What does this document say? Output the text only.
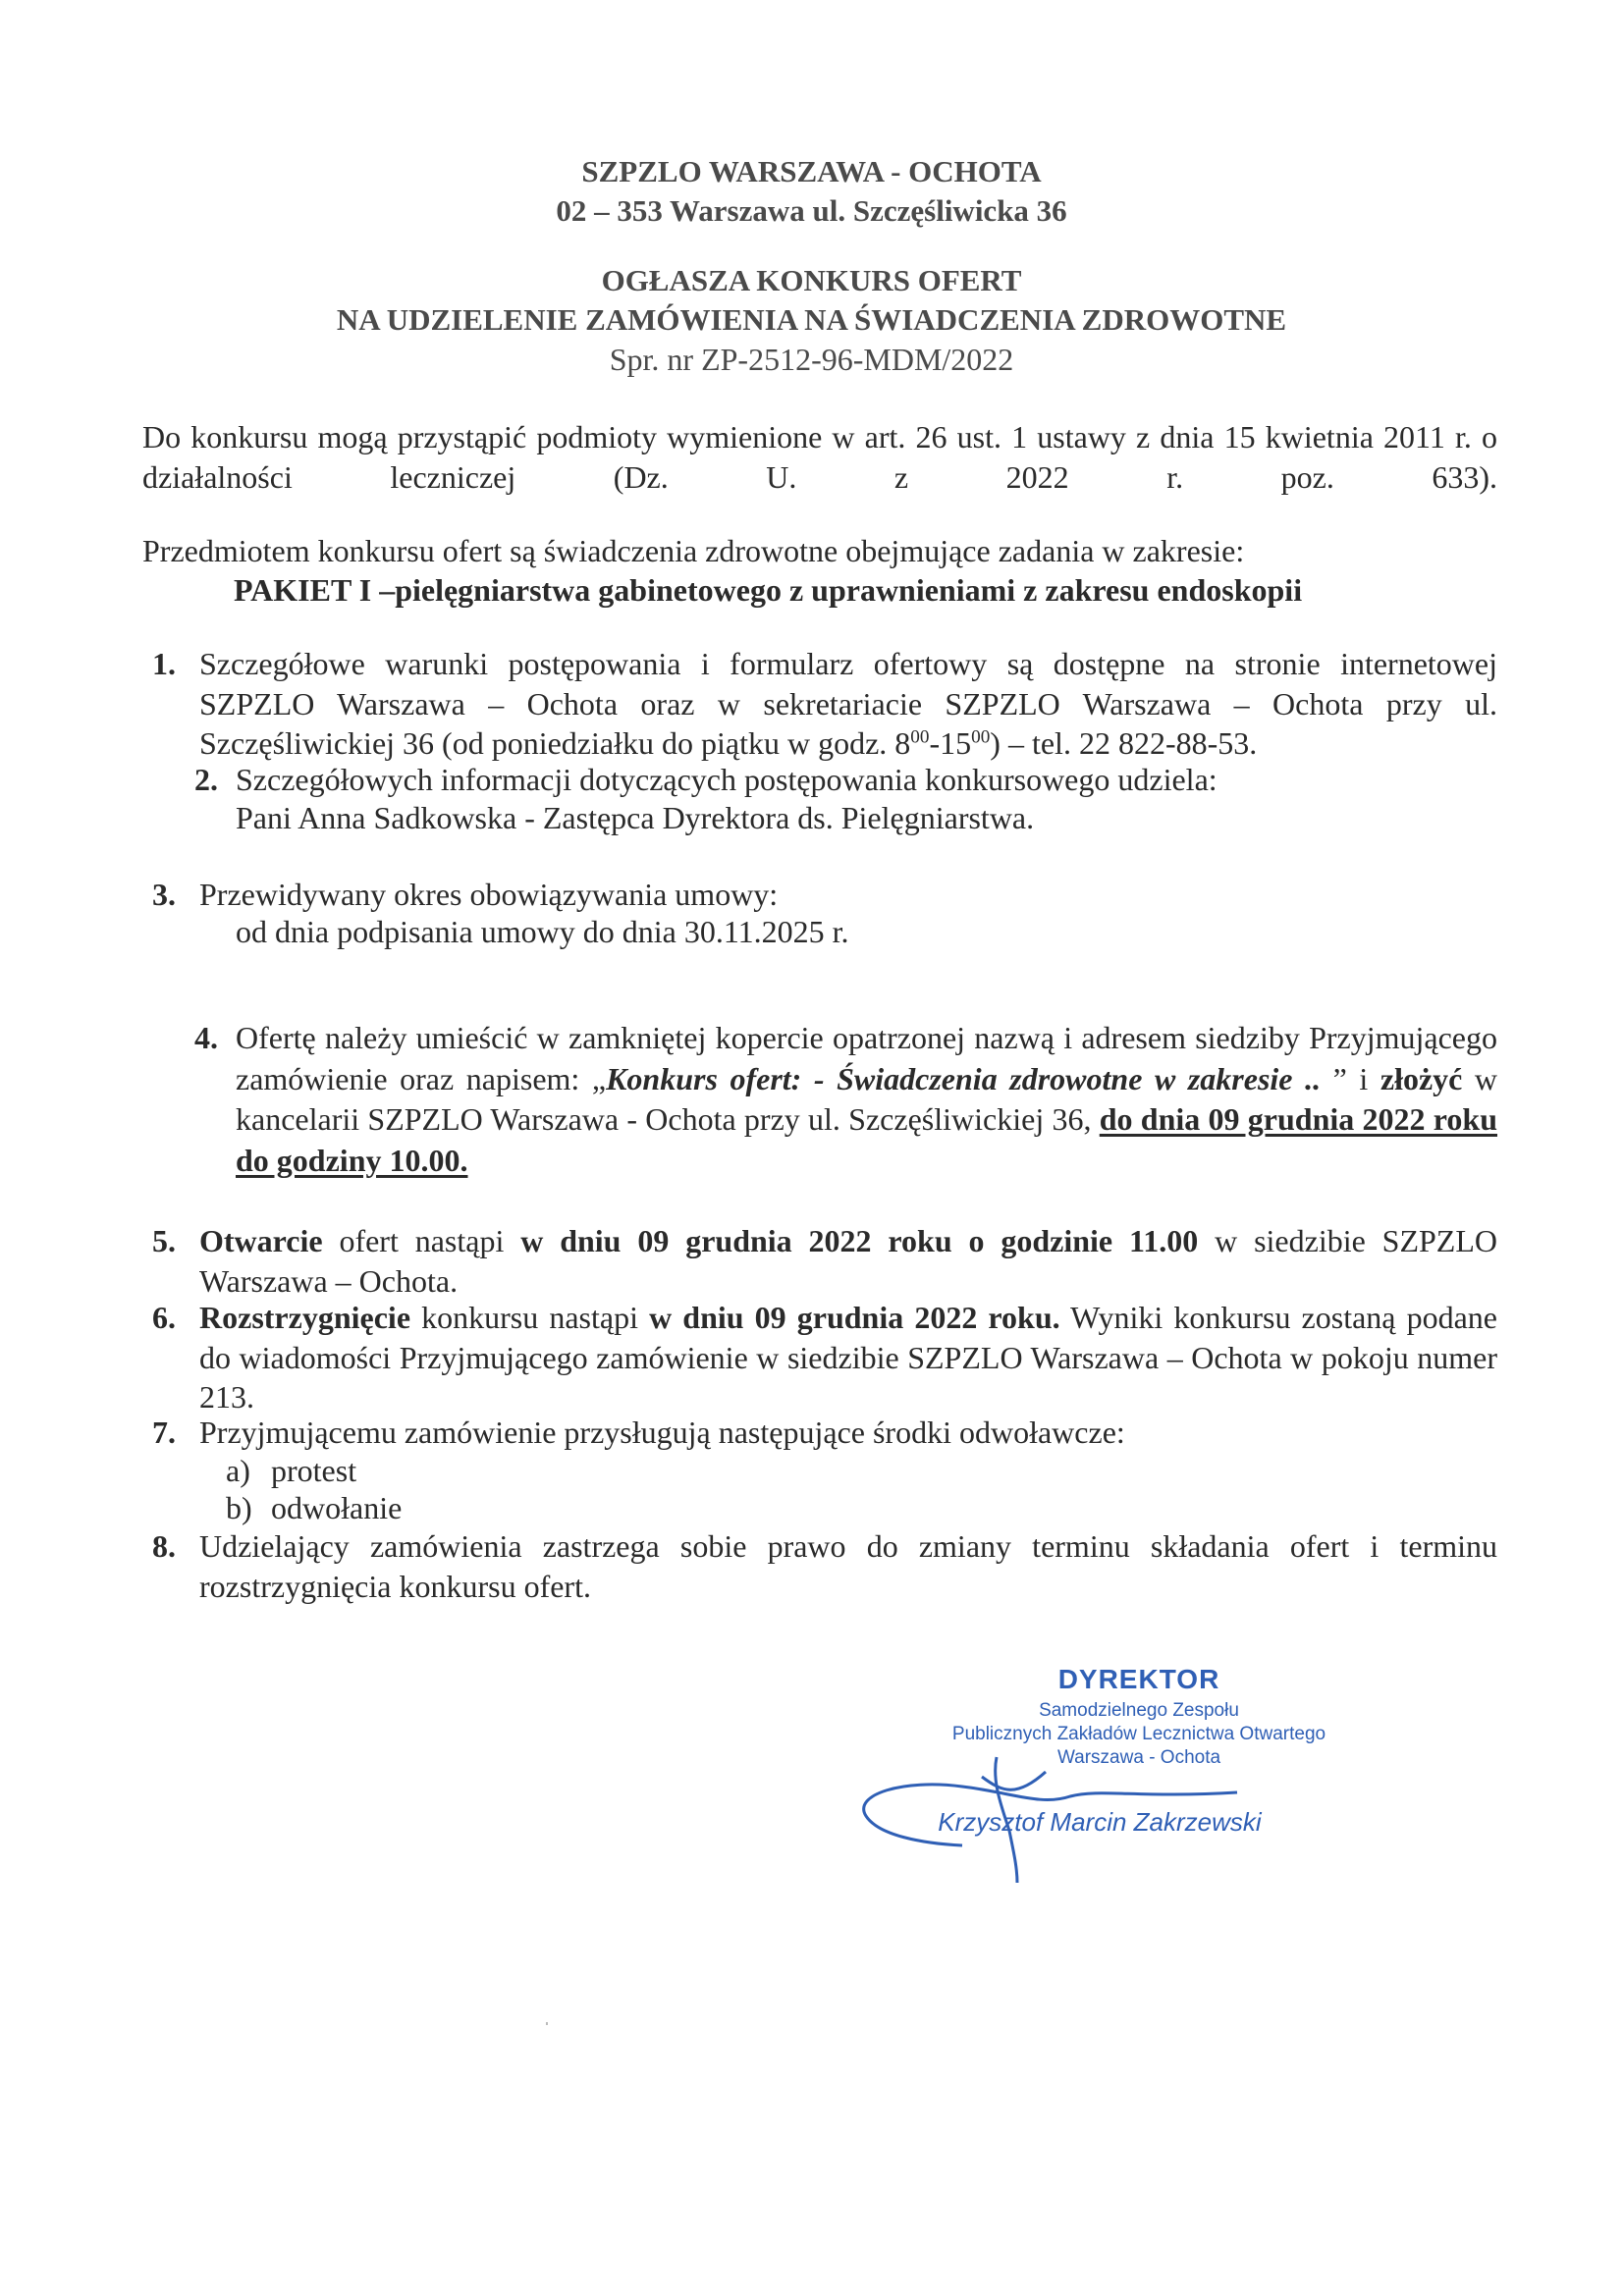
SZPZLO WARSZAWA - OCHOTA
02 – 353 Warszawa ul. Szczęśliwicka 36
OGŁASZA KONKURS OFERT
NA UDZIELENIE ZAMÓWIENIA NA ŚWIADCZENIA ZDROWOTNE
Spr. nr ZP-2512-96-MDM/2022
Do konkursu mogą przystąpić podmioty wymienione w art. 26 ust. 1 ustawy z dnia 15 kwietnia 2011 r. o działalności leczniczej (Dz. U. z 2022 r. poz. 633).
Przedmiotem konkursu ofert są świadczenia zdrowotne obejmujące zadania w zakresie:
PAKIET I –pielęgniarstwa gabinetowego z uprawnieniami z zakresu endoskopii
1. Szczegółowe warunki postępowania i formularz ofertowy są dostępne na stronie internetowej SZPZLO Warszawa – Ochota oraz w sekretariacie SZPZLO Warszawa – Ochota przy ul. Szczęśliwickiej 36 (od poniedziałku do piątku w godz. $8^{00}-15^{00}$) – tel. 22 822-88-53.
2. Szczegółowych informacji dotyczących postępowania konkursowego udziela:
Pani Anna Sadkowska - Zastępca Dyrektora ds. Pielęgniarstwa.
3. Przewidywany okres obowiązywania umowy:
od dnia podpisania umowy do dnia 30.11.2025 r.
4. Ofertę należy umieścić w zamkniętej kopercie opatrzonej nazwą i adresem siedziby Przyjmującego zamówienie oraz napisem: „Konkurs ofert: - Świadczenia zdrowotne w zakresie .. ” i złożyć w kancelarii SZPZLO Warszawa - Ochota przy ul. Szczęśliwickiej 36, do dnia 09 grudnia 2022 roku do godziny 10.00.
5. Otwarcie ofert nastąpi w dniu 09 grudnia 2022 roku o godzinie 11.00 w siedzibie SZPZLO Warszawa – Ochota.
6. Rozstrzygnięcie konkursu nastąpi w dniu 09 grudnia 2022 roku. Wyniki konkursu zostaną podane do wiadomości Przyjmującego zamówienie w siedzibie SZPZLO Warszawa – Ochota w pokoju numer 213.
7. Przyjmującemu zamówienie przysługują następujące środki odwoławcze:
a) protest
b) odwołanie
8. Udzielający zamówienia zastrzega sobie prawo do zmiany terminu składania ofert i terminu rozstrzygnięcia konkursu ofert.
DYREKTOR
Samodzielnego Zespołu
Publicznych Zakładów Lecznictwa Otwartego
Warszawa - Ochota
Krzysztof Marcin Zakrzewski
